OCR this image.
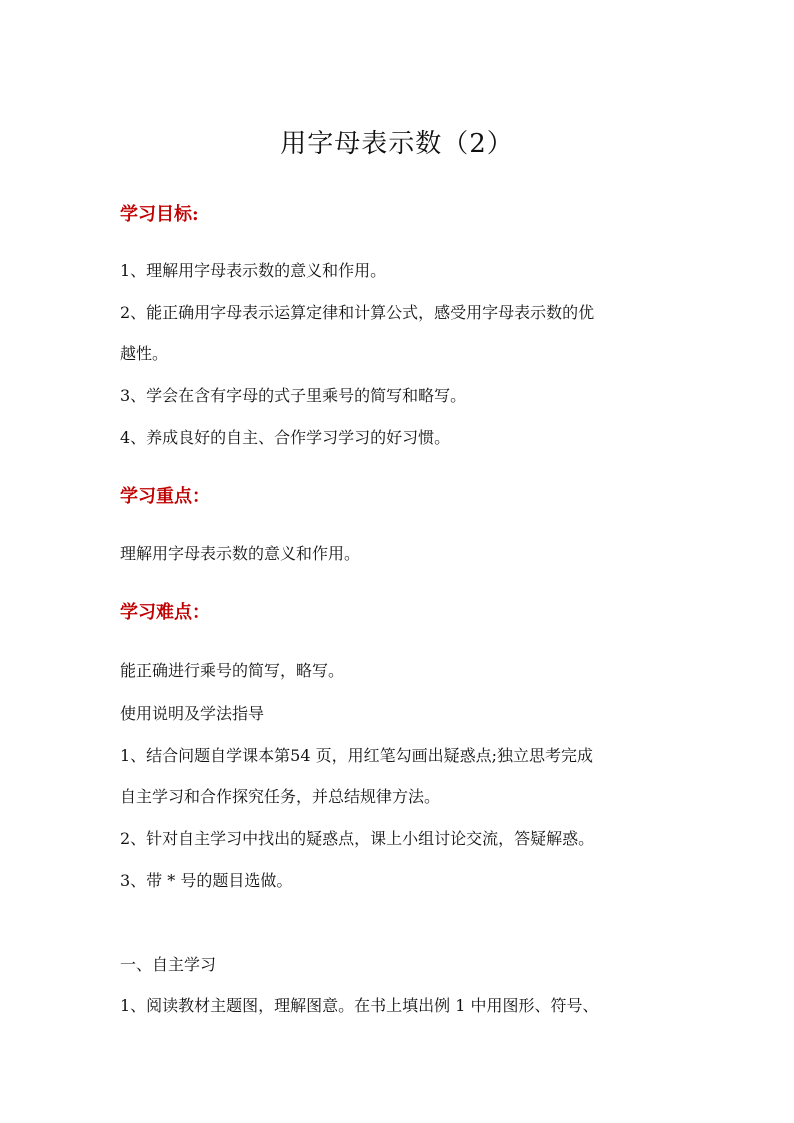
用字母表示数（2）
学习目标:
1、理解用字母表示数的意义和作用。
2、能正确用字母表示运算定律和计算公式，感受用字母表示数的优
越性。
3、学会在含有字母的式子里乘号的简写和略写。
4、养成良好的自主、合作学习学习的好习惯。
学习重点：
理解用字母表示数的意义和作用。
学习难点：
能正确进行乘号的简写，略写。
使用说明及学法指导
1、结合问题自学课本第54 页，用红笔勾画出疑惑点;独立思考完成
自主学习和合作探究任务，并总结规律方法。
2、针对自主学习中找出的疑惑点，课上小组讨论交流，答疑解惑。
3、带 * 号的题目选做。
一、自主学习
1、阅读教材主题图，理解图意。在书上填出例 1 中用图形、符号、
